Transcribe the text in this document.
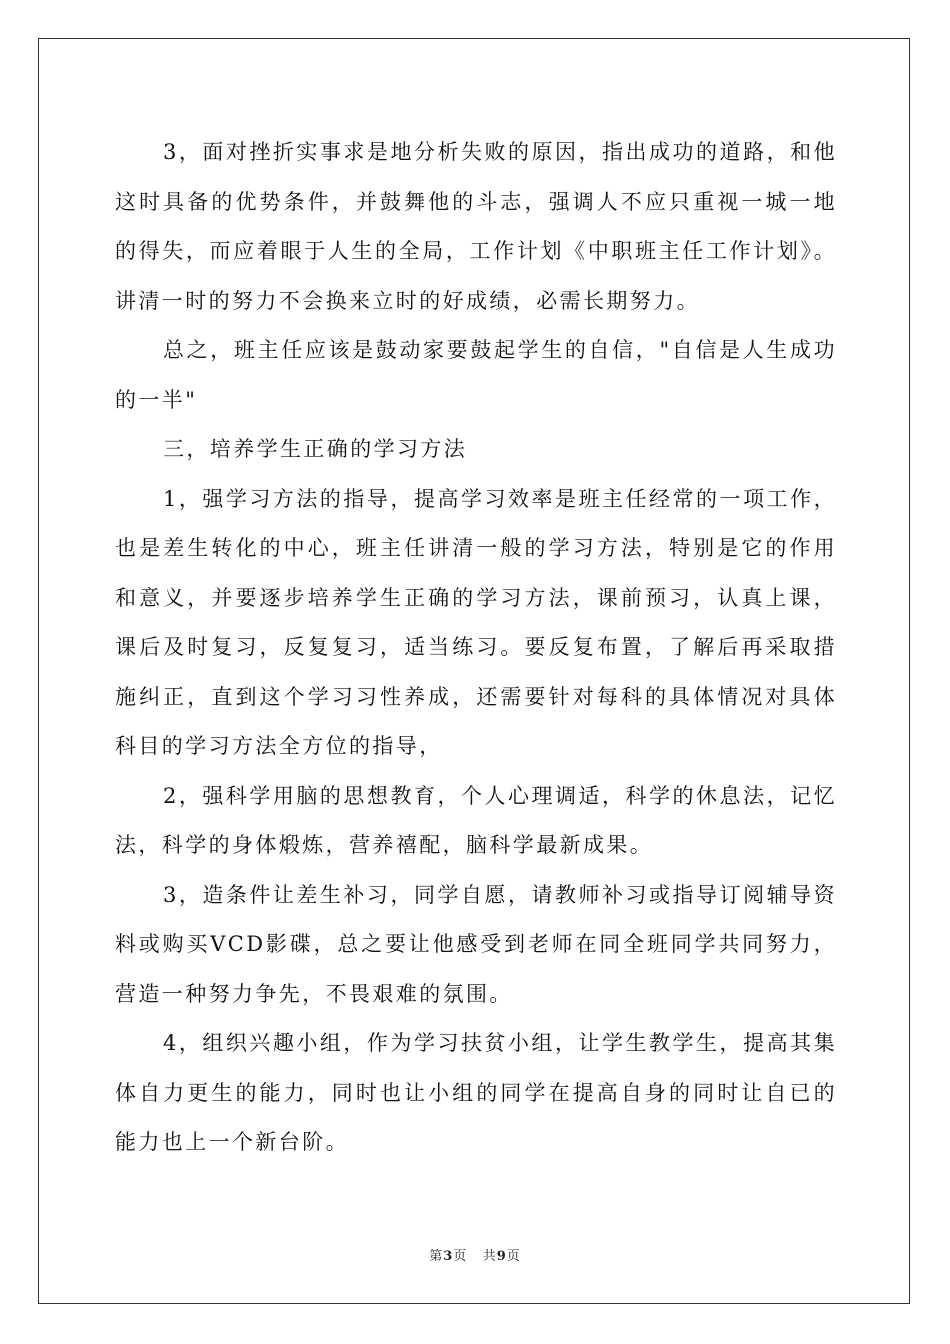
3，面对挫折实事求是地分析失败的原因，指出成功的道路，和他这时具备的优势条件，并鼓舞他的斗志，强调人不应只重视一城一地的得失，而应着眼于人生的全局，工作计划《中职班主任工作计划》。讲清一时的努力不会换来立时的好成绩，必需长期努力。

总之，班主任应该是鼓动家要鼓起学生的自信，"自信是人生成功的一半"

三，培养学生正确的学习方法

1，强学习方法的指导，提高学习效率是班主任经常的一项工作，也是差生转化的中心，班主任讲清一般的学习方法，特别是它的作用和意义，并要逐步培养学生正确的学习方法，课前预习，认真上课，课后及时复习，反复复习，适当练习。要反复布置，了解后再采取措施纠正，直到这个学习习性养成，还需要针对每科的具体情况对具体科目的学习方法全方位的指导，

2，强科学用脑的思想教育，个人心理调适，科学的休息法，记忆法，科学的身体煅炼，营养禧配，脑科学最新成果。

3，造条件让差生补习，同学自愿，请教师补习或指导订阅辅导资料或购买VCD影碟，总之要让他感受到老师在同全班同学共同努力，营造一种努力争先，不畏艰难的氛围。

4，组织兴趣小组，作为学习扶贫小组，让学生教学生，提高其集体自力更生的能力，同时也让小组的同学在提高自身的同时让自已的能力也上一个新台阶。

第3页 共9页
